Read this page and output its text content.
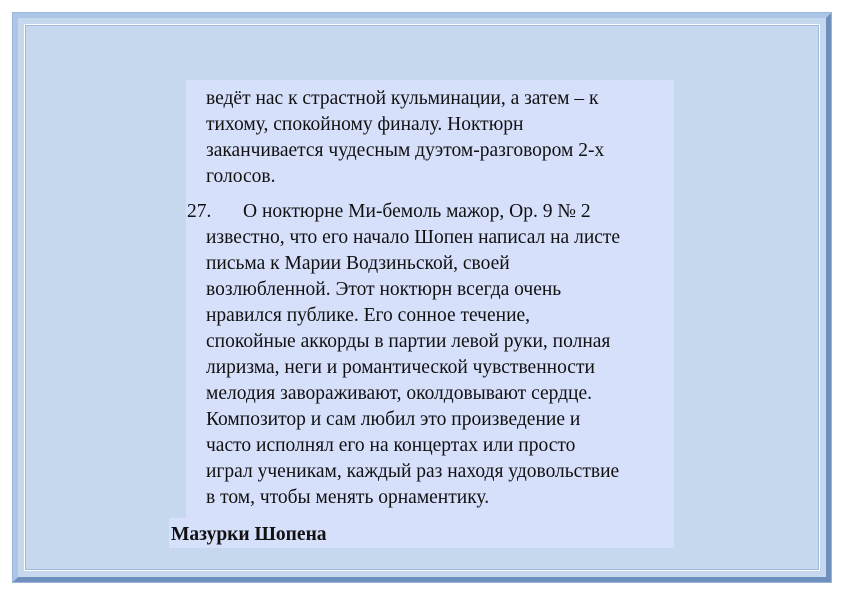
ведёт нас к страстной кульминации, а затем – к
тихому, спокойному финалу. Ноктюрн
заканчивается чудесным дуэтом-разговором 2-х
голосов.

27.	О ноктюрне Ми-бемоль мажор, Ор. 9 № 2
известно, что его начало Шопен написал на листе
письма к Марии Водзиньской, своей
возлюбленной. Этот ноктюрн всегда очень
нравился публике. Его сонное течение,
спокойные аккорды в партии левой руки, полная
лиризма, неги и романтической чувственности
мелодия завораживают, околдовывают сердце.
Композитор и сам любил это произведение и
часто исполнял его на концертах или просто
играл ученикам, каждый раз находя удовольствие
в том, чтобы менять орнаментику.

Мазурки Шопена
